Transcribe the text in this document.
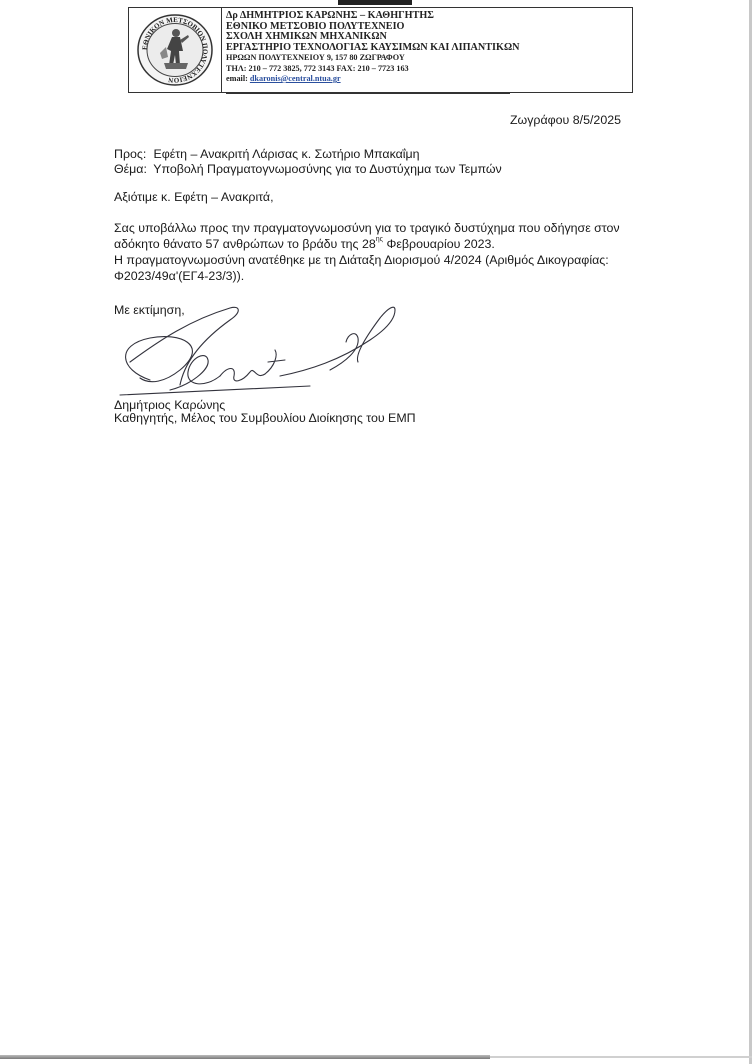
ΕΘΝΙΚΟΝ ΜΕΤΣΟΒΙΟΝ ΠΟΛΥΤΕΧΝΕΙΟΝ
Δρ ΔΗΜΗΤΡΙΟΣ ΚΑΡΩΝΗΣ – ΚΑΘΗΓΗΤΗΣ
ΕΘΝΙΚΟ ΜΕΤΣΟΒΙΟ ΠΟΛΥΤΕΧΝΕΙΟ
ΣΧΟΛΗ ΧΗΜΙΚΩΝ ΜΗΧΑΝΙΚΩΝ
ΕΡΓΑΣΤΗΡΙΟ ΤΕΧΝΟΛΟΓΙΑΣ ΚΑΥΣΙΜΩΝ ΚΑΙ ΛΙΠΑΝΤΙΚΩΝ
ΗΡΩΩΝ ΠΟΛΥΤΕΧΝΕΙΟΥ 9, 157 80 ΖΩΓΡΑΦΟΥ
ΤΗΛ: 210 – 772 3825, 772 3143 FAX: 210 – 7723 163
email: dkaronis@central.ntua.gr
Ζωγράφου 8/5/2025
Προς: Εφέτη – Ανακριτή Λάρισας κ. Σωτήριο Μπακαΐμη
Θέμα: Υποβολή Πραγματογνωμοσύνης για το Δυστύχημα των Τεμπών
Αξιότιμε κ. Εφέτη – Ανακριτά,
Σας υποβάλλω προς την πραγματογνωμοσύνη για το τραγικό δυστύχημα που οδήγησε στον
αδόκητο θάνατο 57 ανθρώπων το βράδυ της $28^{\eta\varsigma}$ Φεβρουαρίου 2023.
Η πραγματογνωμοσύνη ανατέθηκε με τη Διάταξη Διορισμού 4/2024 (Αριθμός Δικογραφίας:
Φ2023/49α'(ΕΓ4-23/3)).
Με εκτίμηση,
Δημήτριος Καρώνης
Καθηγητής, Μέλος του Συμβουλίου Διοίκησης του ΕΜΠ
